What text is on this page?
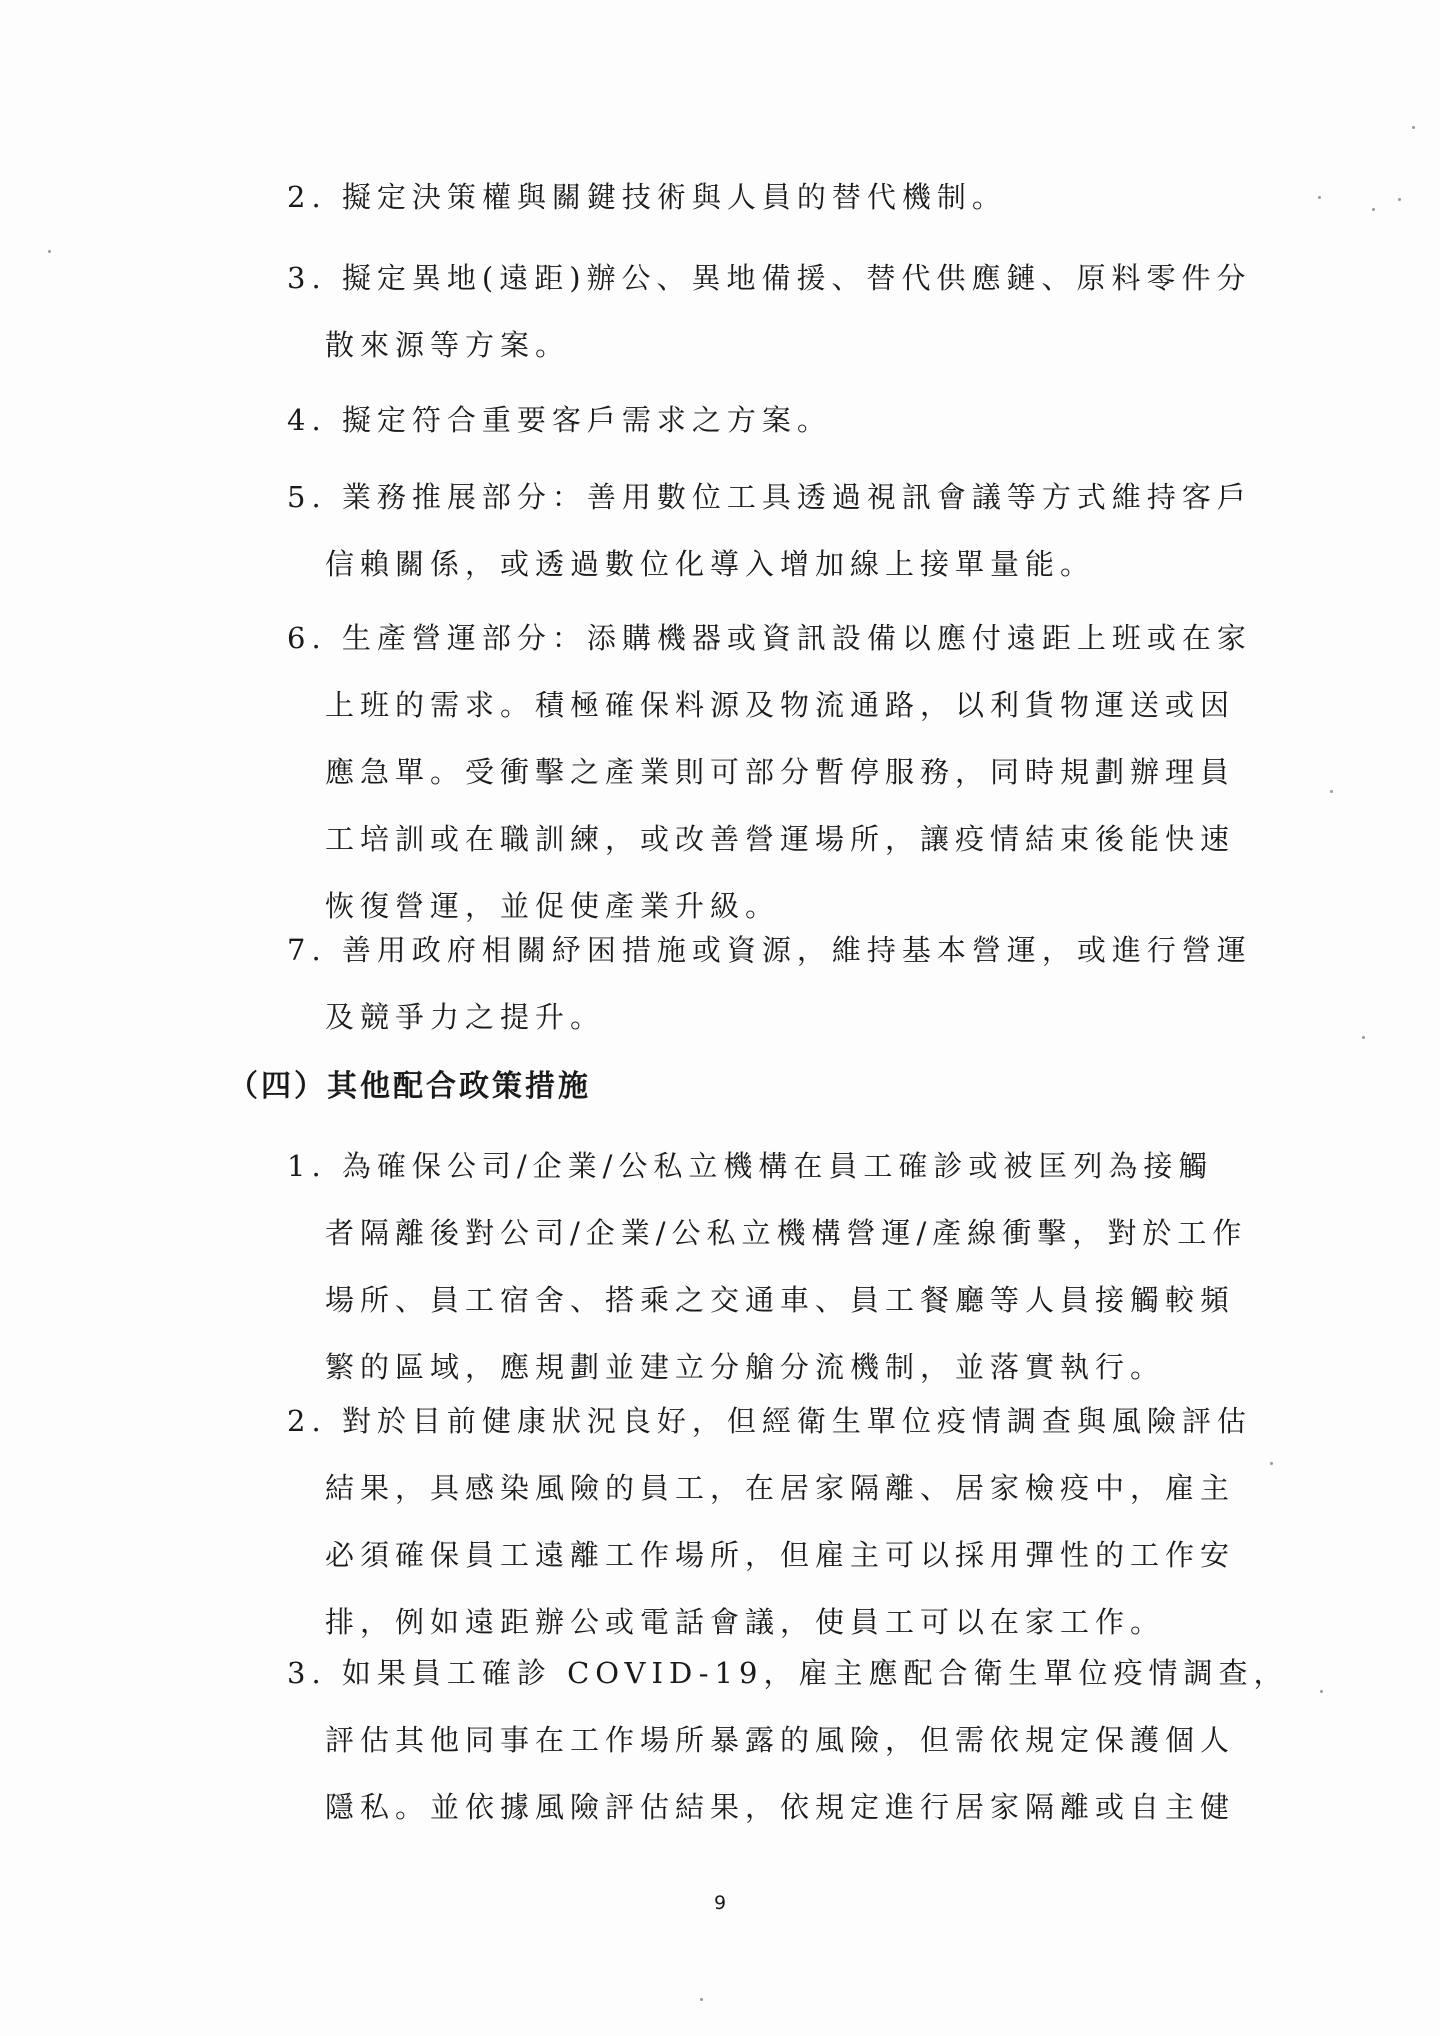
2. 擬定決策權與關鍵技術與人員的替代機制。
3. 擬定異地(遠距)辦公、異地備援、替代供應鏈、原料零件分
散來源等方案。
4. 擬定符合重要客戶需求之方案。
5. 業務推展部分：善用數位工具透過視訊會議等方式維持客戶
信賴關係，或透過數位化導入增加線上接單量能。
6. 生產營運部分：添購機器或資訊設備以應付遠距上班或在家
上班的需求。積極確保料源及物流通路，以利貨物運送或因
應急單。受衝擊之產業則可部分暫停服務，同時規劃辦理員
工培訓或在職訓練，或改善營運場所，讓疫情結束後能快速
恢復營運，並促使產業升級。
7. 善用政府相關紓困措施或資源，維持基本營運，或進行營運
及競爭力之提升。
（四）其他配合政策措施
1. 為確保公司/企業/公私立機構在員工確診或被匡列為接觸
者隔離後對公司/企業/公私立機構營運/產線衝擊，對於工作
場所、員工宿舍、搭乘之交通車、員工餐廳等人員接觸較頻
繁的區域，應規劃並建立分艙分流機制，並落實執行。
2. 對於目前健康狀況良好，但經衛生單位疫情調查與風險評估
結果，具感染風險的員工，在居家隔離、居家檢疫中，雇主
必須確保員工遠離工作場所，但雇主可以採用彈性的工作安
排，例如遠距辦公或電話會議，使員工可以在家工作。
3. 如果員工確診 COVID-19，雇主應配合衛生單位疫情調查，
評估其他同事在工作場所暴露的風險，但需依規定保護個人
隱私。並依據風險評估結果，依規定進行居家隔離或自主健
9
